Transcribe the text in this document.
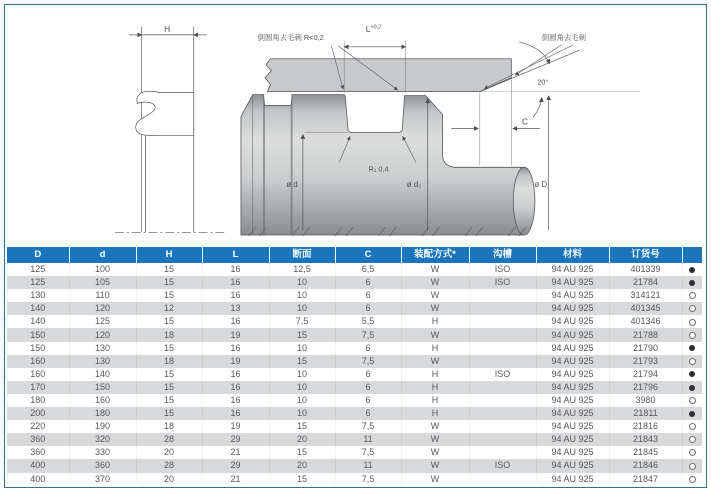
H
倒圆角去毛刺 R<0,2
$L^{+0,2}$
倒圆角去毛刺
20°
C
R₁ 0,4
ø d	ø d₂	ø D
D	d	H	L	断面	C	装配方式*	沟槽	材料	订货号	
125	100	15	16	12,5	6,5	W	ISO	94 AU 925	401339	
125	105	15	16	10	6	W	ISO	94 AU 925	21784	
130	110	15	16	10	6	W		94 AU 925	314121	
140	120	12	13	10	6	W		94 AU 925	401345	
140	125	15	16	7,5	5,5	H		94 AU 925	401346	
150	120	18	19	15	7,5	W		94 AU 925	21788	
150	130	15	16	10	6	H		94 AU 925	21790	
160	130	18	19	15	7,5	W		94 AU 925	21793	
160	140	15	16	10	6	H	ISO	94 AU 925	21794	
170	150	15	16	10	6	H		94 AU 925	21796	
180	160	15	16	10	6	H		94 AU 925	3980	
200	180	15	16	10	6	H		94 AU 925	21811	
220	190	18	19	15	7,5	W		94 AU 925	21816	
360	320	28	29	20	11	W		94 AU 925	21843	
360	330	20	21	15	7,5	W		94 AU 925	21845	
400	360	28	29	20	11	W	ISO	94 AU 925	21846	
400	370	20	21	15	7,5	W		94 AU 925	21847	
